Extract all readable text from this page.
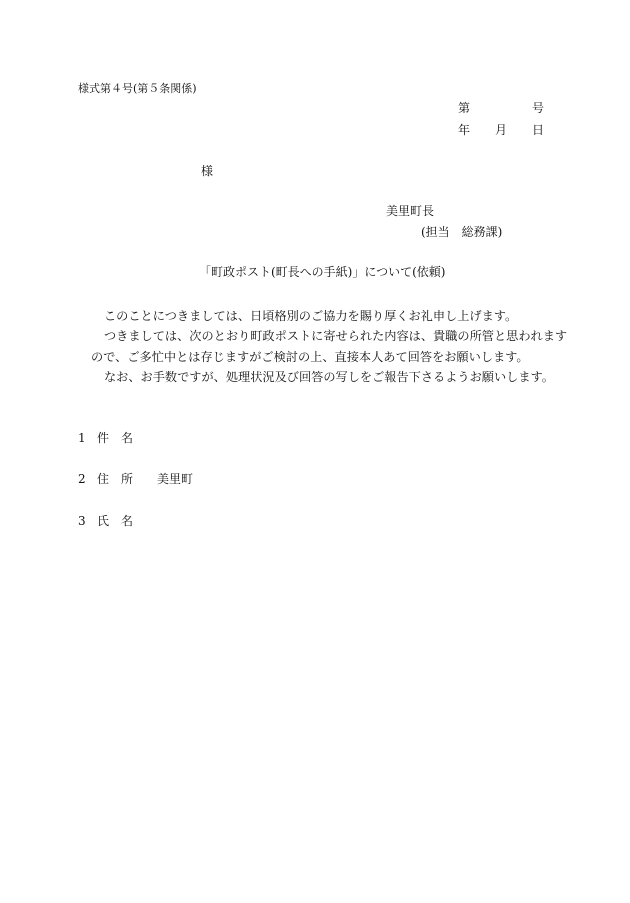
様式第４号(第５条関係)
第	号
年 月 日
様
美里町長
(担当　総務課)
「町政ポスト(町長への手紙)」について(依頼)
このことにつきましては、日頃格別のご協力を賜り厚くお礼申し上げます。
つきましては、次のとおり町政ポストに寄せられた内容は、貴職の所管と思われます
ので、ご多忙中とは存じますがご検討の上、直接本人あて回答をお願いします。
なお、お手数ですが、処理状況及び回答の写しをご報告下さるようお願いします。
1 件　名
2 住　所 美里町
3 氏　名
